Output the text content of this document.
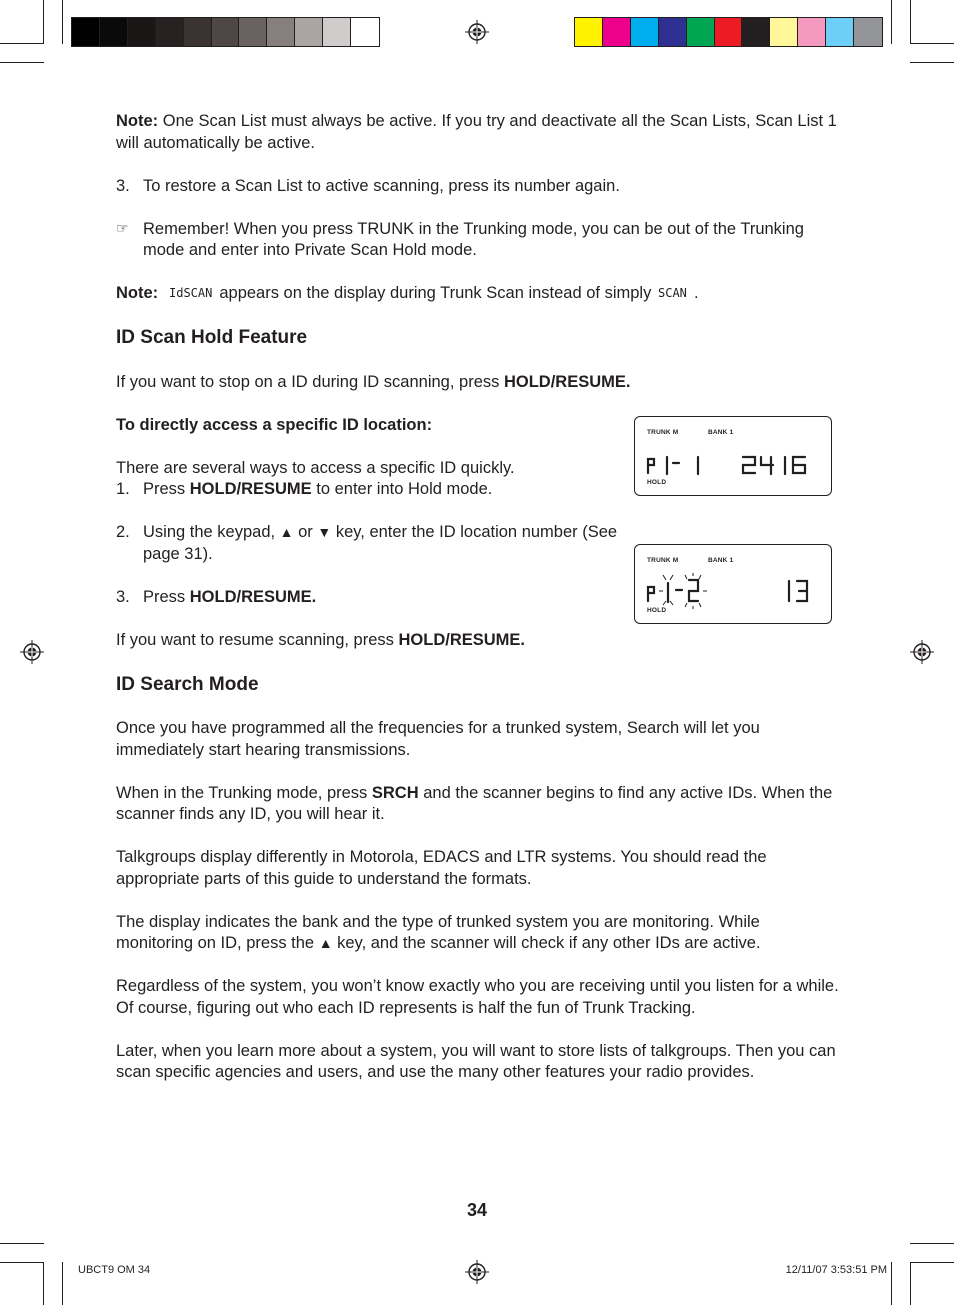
Note: One Scan List must always be active. If you try and deactivate all the Scan Lists, Scan List 1 will automatically be active.

3. To restore a Scan List to active scanning, press its number again.
☞ Remember! When you press TRUNK in the Trunking mode, you can be out of the Trunking mode and enter into Private Scan Hold mode.

Note: IdSCAN appears on the display during Trunk Scan instead of simply SCAN .

ID Scan Hold Feature

If you want to stop on a ID during ID scanning, press HOLD/RESUME.

To directly access a specific ID location:

There are several ways to access a specific ID quickly.

1. Press HOLD/RESUME to enter into Hold mode.
2. Using the keypad, ▲ or ▼ key, enter the ID location number (See page 31).
3. Press HOLD/RESUME.

If you want to resume scanning, press HOLD/RESUME.

ID Search Mode

Once you have programmed all the frequencies for a trunked system, Search will let you immediately start hearing transmissions.

When in the Trunking mode, press SRCH and the scanner begins to find any active IDs. When the scanner finds any ID, you will hear it.

Talkgroups display differently in Motorola, EDACS and LTR systems. You should read the appropriate parts of this guide to understand the formats.

The display indicates the bank and the type of trunked system you are monitoring. While monitoring on ID, press the ▲ key, and the scanner will check if any other IDs are active.

Regardless of the system, you won’t know exactly who you are receiving until you listen for a while. Of course, figuring out who each ID represents is half the fun of Trunk Tracking.

Later, when you learn more about a system, you will want to store lists of talkgroups. Then you can scan specific agencies and users, and use the many other features your radio provides.

TRUNK M	BANK 1
HOLD
TRUNK M	BANK 1
HOLD
34
UBCT9 OM 34	12/11/07 3:53:51 PM
